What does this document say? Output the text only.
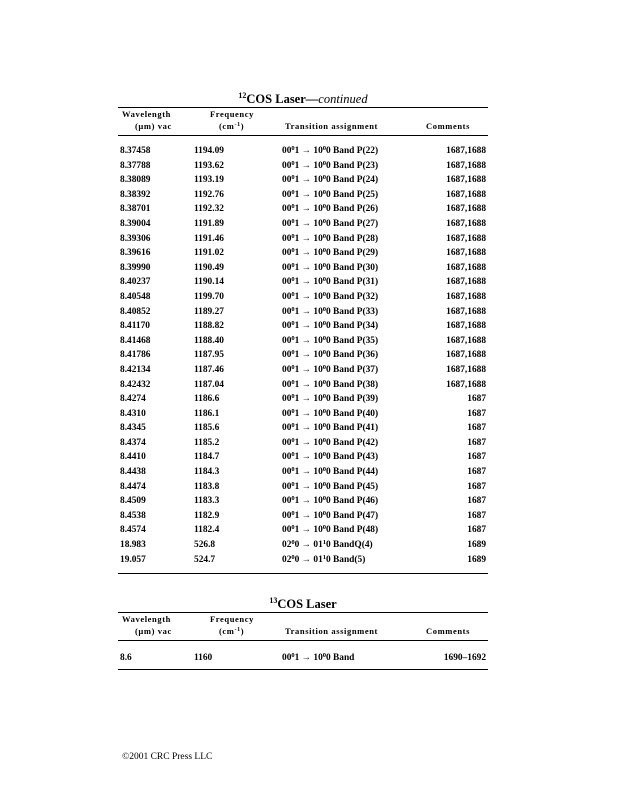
$^{12}$COS Laser—continued
Wavelength
(µm) vac
Frequency
$(cm^{-1})$	Transition assignment	Comments
8.37458	1194.09	$00^01 \to 10^00$ Band P(22)	1687,1688
8.37788	1193.62	$00^01 \to 10^00$ Band P(23)	1687,1688
8.38089	1193.19	$00^01 \to 10^00$ Band P(24)	1687,1688
8.38392	1192.76	$00^01 \to 10^00$ Band P(25)	1687,1688
8.38701	1192.32	$00^01 \to 10^00$ Band P(26)	1687,1688
8.39004	1191.89	$00^01 \to 10^00$ Band P(27)	1687,1688
8.39306	1191.46	$00^01 \to 10^00$ Band P(28)	1687,1688
8.39616	1191.02	$00^01 \to 10^00$ Band P(29)	1687,1688
8.39990	1190.49	$00^01 \to 10^00$ Band P(30)	1687,1688
8.40237	1190.14	$00^01 \to 10^00$ Band P(31)	1687,1688
8.40548	1199.70	$00^01 \to 10^00$ Band P(32)	1687,1688
8.40852	1189.27	$00^01 \to 10^00$ Band P(33)	1687,1688
8.41170	1188.82	$00^01 \to 10^00$ Band P(34)	1687,1688
8.41468	1188.40	$00^01 \to 10^00$ Band P(35)	1687,1688
8.41786	1187.95	$00^01 \to 10^00$ Band P(36)	1687,1688
8.42134	1187.46	$00^01 \to 10^00$ Band P(37)	1687,1688
8.42432	1187.04	$00^01 \to 10^00$ Band P(38)	1687,1688
8.4274	1186.6	$00^01 \to 10^00$ Band P(39)	1687
8.4310	1186.1	$00^01 \to 10^00$ Band P(40)	1687
8.4345	1185.6	$00^01 \to 10^00$ Band P(41)	1687
8.4374	1185.2	$00^01 \to 10^00$ Band P(42)	1687
8.4410	1184.7	$00^01 \to 10^00$ Band P(43)	1687
8.4438	1184.3	$00^01 \to 10^00$ Band P(44)	1687
8.4474	1183.8	$00^01 \to 10^00$ Band P(45)	1687
8.4509	1183.3	$00^01 \to 10^00$ Band P(46)	1687
8.4538	1182.9	$00^01 \to 10^00$ Band P(47)	1687
8.4574	1182.4	$00^01 \to 10^00$ Band P(48)	1687
18.983	526.8	$02^00 \to 01^10$ BandQ(4)	1689
19.057	524.7	$02^00 \to 01^10$ Band(5)	1689
$^{13}$COS Laser
Wavelength
(µm) vac
Frequency
$(cm^{-1})$	Transition assignment	Comments
8.6	1160	$00^01 \to 10^00$ Band	1690–1692
©2001 CRC Press LLC
